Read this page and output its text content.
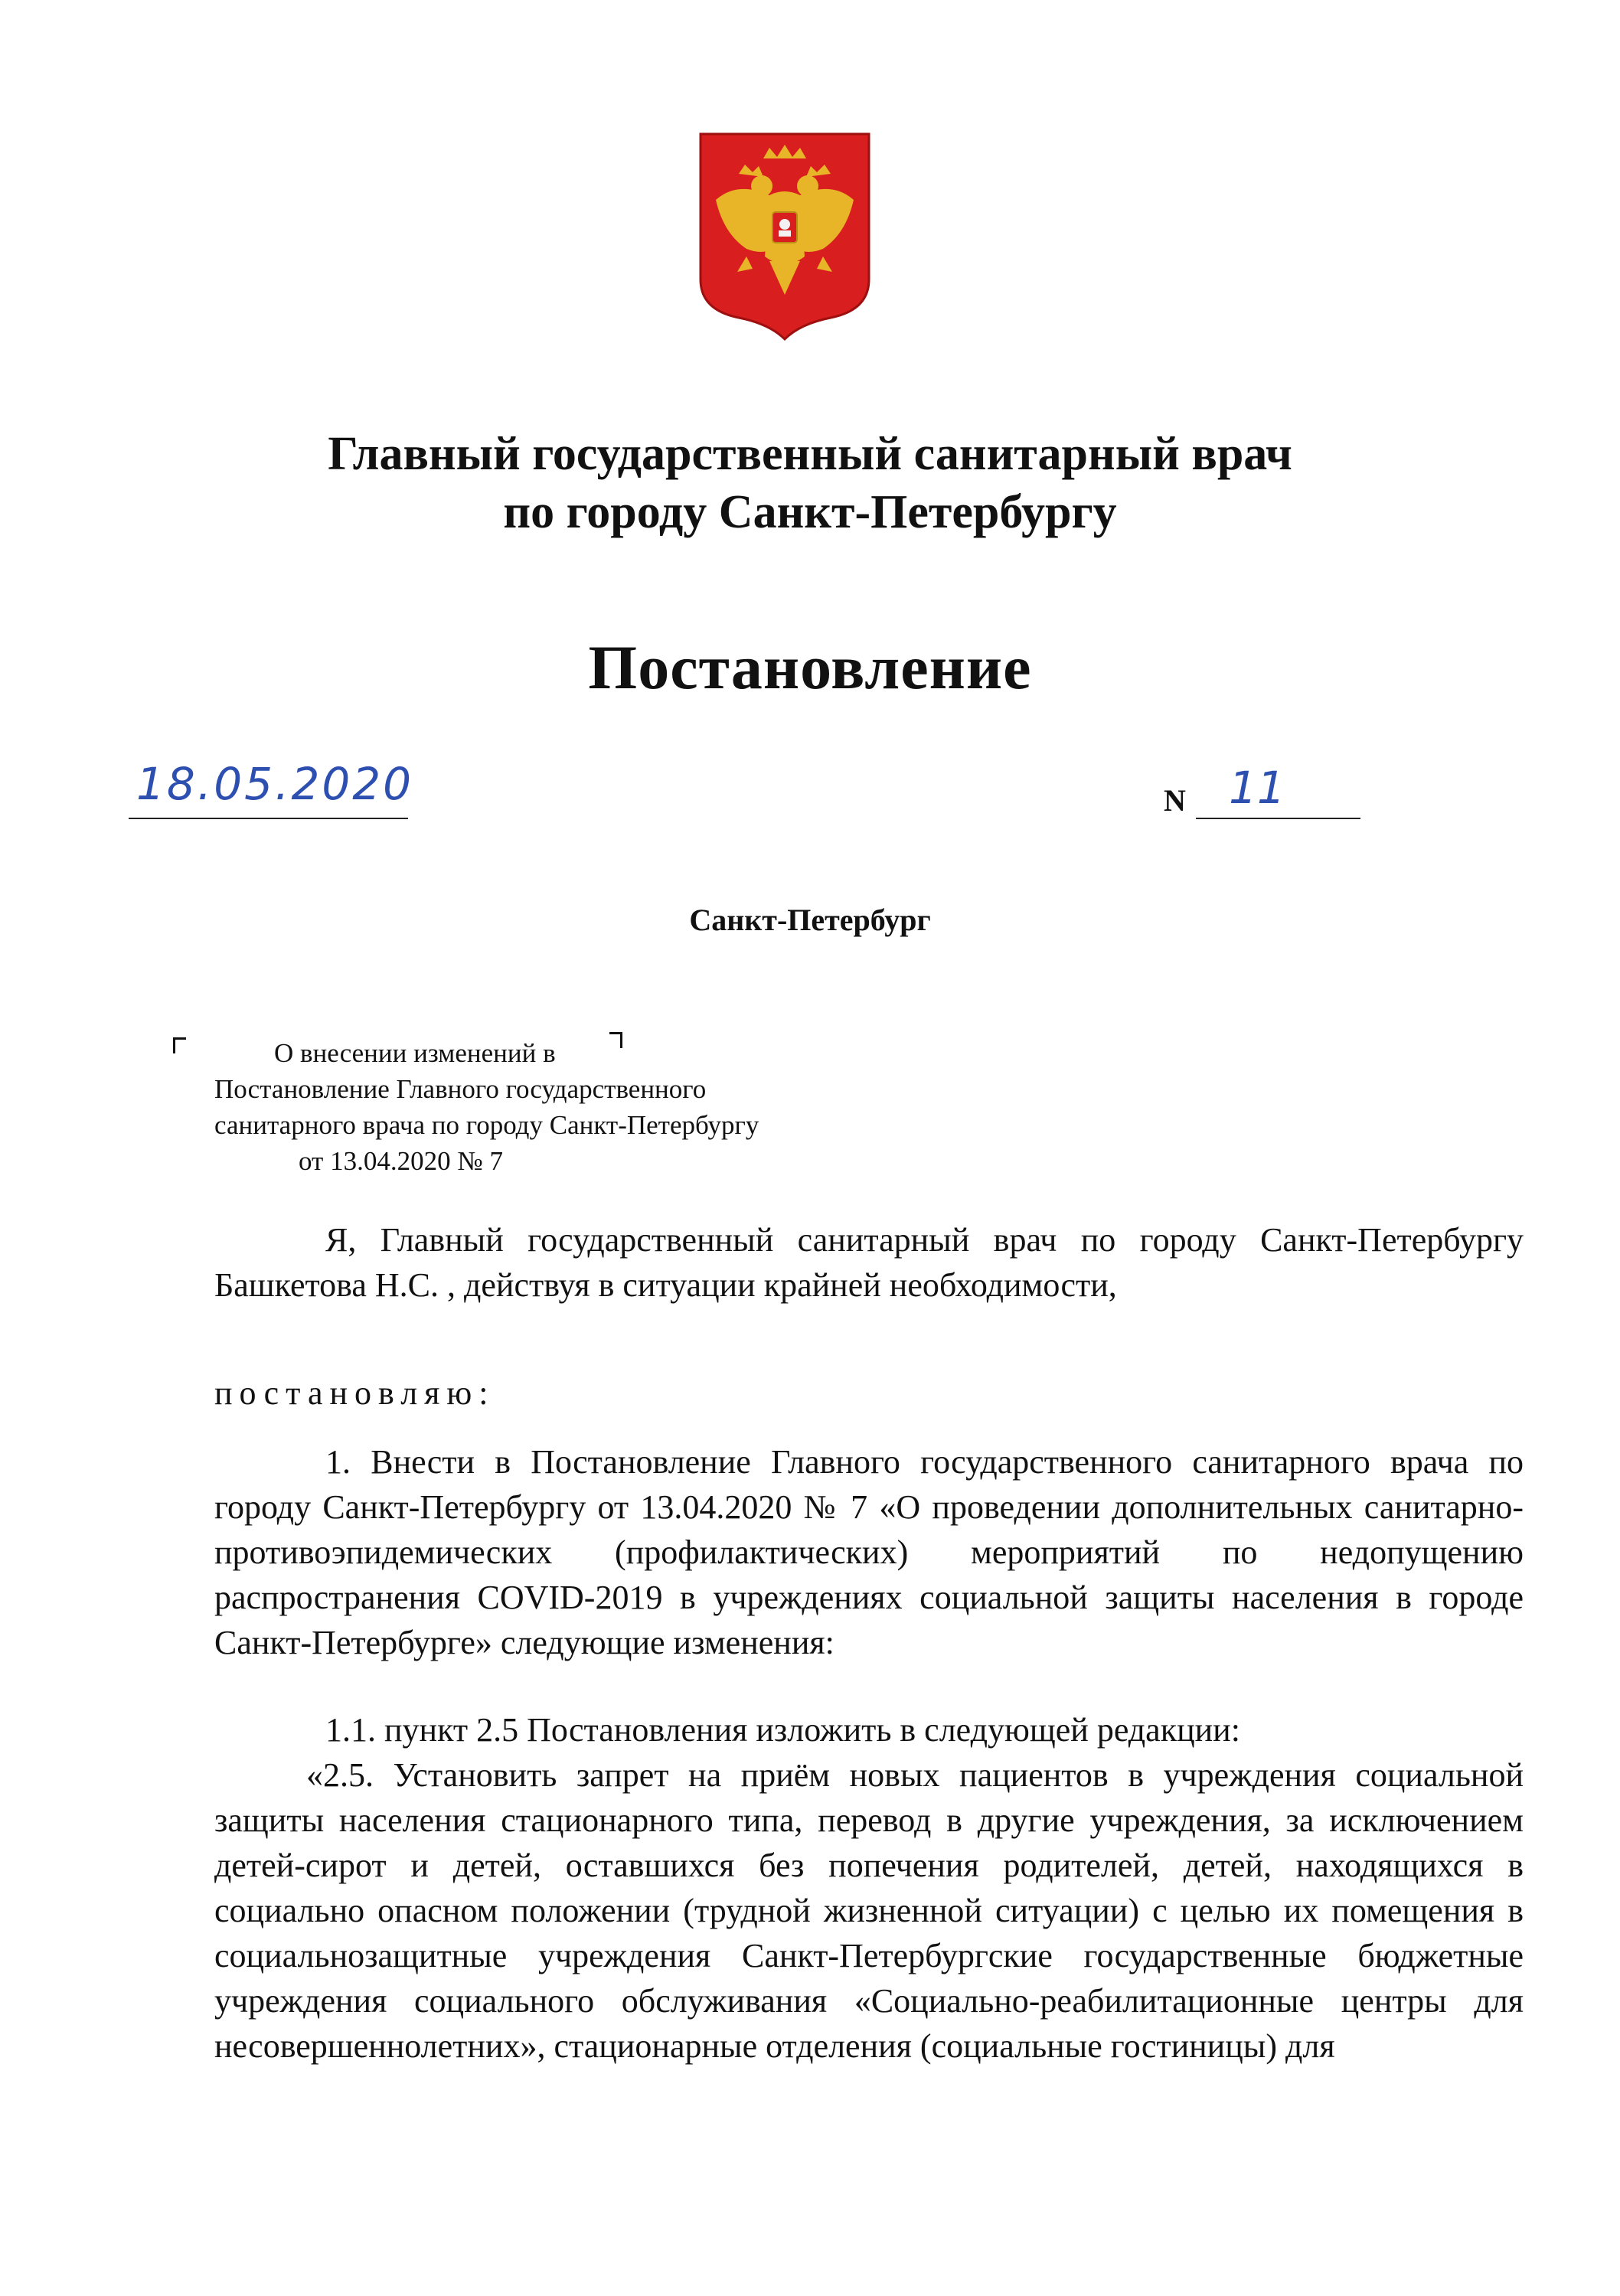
Главный государственный санитарный врач
по городу Санкт-Петербургу
Постановление
18.05.2020	N 11
Санкт-Петербург
О внесении изменений в
Постановление Главного государственного
санитарного врача по городу Санкт-Петербургу
от 13.04.2020 № 7
Я, Главный государственный санитарный врач по городу Санкт-Петербургу Башкетова Н.С. , действуя в ситуации крайней необходимости,
постановляю:
1. Внести в Постановление Главного государственного санитарного врача по городу Санкт-Петербургу от 13.04.2020 № 7 «О проведении дополнительных санитарно-противоэпидемических (профилактических) мероприятий по недопущению распространения COVID-2019 в учреждениях социальной защиты населения в городе Санкт-Петербурге» следующие изменения:
1.1. пункт 2.5 Постановления изложить в следующей редакции:
«2.5. Установить запрет на приём новых пациентов в учреждения социальной защиты населения стационарного типа, перевод в другие учреждения, за исключением детей-сирот и детей, оставшихся без попечения родителей, детей, находящихся в социально опасном положении (трудной жизненной ситуации) с целью их помещения в социальнозащитные учреждения Санкт-Петербургские государственные бюджетные учреждения социального обслуживания «Социально-реабилитационные центры для несовершеннолетних», стационарные отделения (социальные гостиницы) для
